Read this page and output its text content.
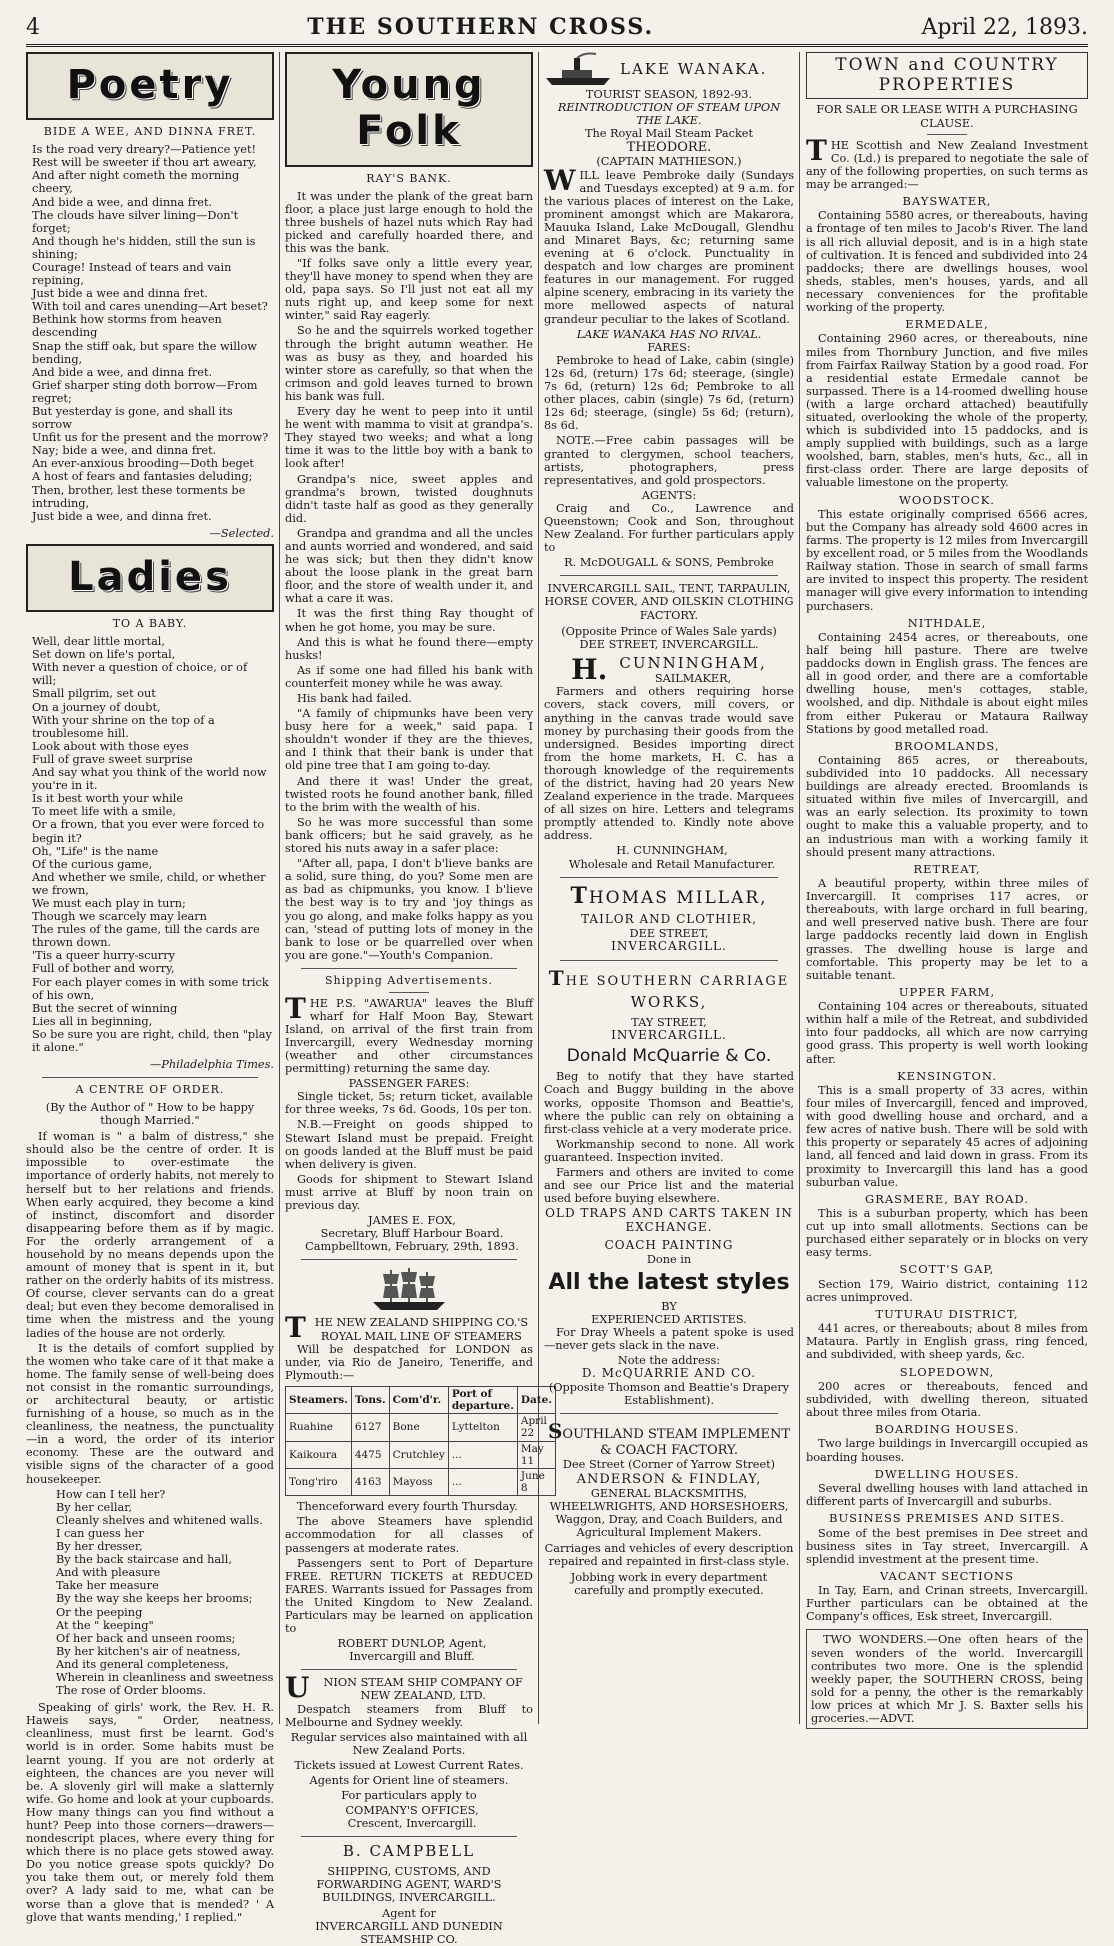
4	THE SOUTHERN CROSS.	April 22, 1893.
Poetry
BIDE A WEE, AND DINNA FRET.
Is the road very dreary?—Patience yet!
Rest will be sweeter if thou art aweary,
And after night cometh the morning cheery,
And bide a wee, and dinna fret.
The clouds have silver lining—Don't forget;
And though he's hidden, still the sun is shining;
Courage! Instead of tears and vain repining,
Just bide a wee and dinna fret.
With toil and cares unending—Art beset?
Bethink how storms from heaven descending
Snap the stiff oak, but spare the willow bending,
And bide a wee, and dinna fret.
Grief sharper sting doth borrow—From regret;
But yesterday is gone, and shall its sorrow
Unfit us for the present and the morrow?
Nay; bide a wee, and dinna fret.
An ever-anxious brooding—Doth beget
A host of fears and fantasies deluding;
Then, brother, lest these torments be intruding,
Just bide a wee, and dinna fret.
—Selected.
Ladies
TO A BABY.
Well, dear little mortal,
Set down on life's portal,
With never a question of choice, or of will;
Small pilgrim, set out
On a journey of doubt,
With your shrine on the top of a troublesome hill.
Look about with those eyes
Full of grave sweet surprise
And say what you think of the world now you're in it.
Is it best worth your while
To meet life with a smile,
Or a frown, that you ever were forced to begin it?
Oh, "Life" is the name
Of the curious game,
And whether we smile, child, or whether we frown,
We must each play in turn;
Though we scarcely may learn
The rules of the game, till the cards are thrown down.
'Tis a queer hurry-scurry
Full of bother and worry,
For each player comes in with some trick of his own,
But the secret of winning
Lies all in beginning,
So be sure you are right, child, then "play it alone."
—Philadelphia Times.
A CENTRE OF ORDER.

(By the Author of " How to be happy though Married."

If woman is " a balm of distress," she should also be the centre of order. It is impossible to over-estimate the importance of orderly habits, not merely to herself but to her relations and friends. When early acquired, they become a kind of instinct, discomfort and disorder disappearing before them as if by magic. For the orderly arrangement of a household by no means depends upon the amount of money that is spent in it, but rather on the orderly habits of its mistress. Of course, clever servants can do a great deal; but even they become demoralised in time when the mistress and the young ladies of the house are not orderly.

It is the details of comfort supplied by the women who take care of it that make a home. The family sense of well-being does not consist in the romantic surroundings, or architectural beauty, or artistic furnishing of a house, so much as in the cleanliness, the neatness, the punctuality—in a word, the order of its interior economy. These are the outward and visible signs of the character of a good housekeeper.

How can I tell her?
By her cellar,
Cleanly shelves and whitened walls.
I can guess her
By her dresser,
By the back staircase and hall,
And with pleasure
Take her measure
By the way she keeps her brooms;
Or the peeping
At the " keeping"
Of her back and unseen rooms;
By her kitchen's air of neatness,
And its general completeness,
Wherein in cleanliness and sweetness
The rose of Order blooms.

Speaking of girls' work, the Rev. H. R. Haweis says, " Order, neatness, cleanliness, must first be learnt. God's world is in order. Some habits must be learnt young. If you are not orderly at eighteen, the chances are you never will be. A slovenly girl will make a slatternly wife. Go home and look at your cupboards. How many things can you find without a hunt? Peep into those corners—drawers—nondescript places, where every thing for which there is no place gets stowed away. Do you notice grease spots quickly? Do you take them out, or merely fold them over? A lady said to me, what can be worse than a glove that is mended? ' A glove that wants mending,' I replied."

Young Folk
RAY'S BANK.

It was under the plank of the great barn floor, a place just large enough to hold the three bushels of hazel nuts which Ray had picked and carefully hoarded there, and this was the bank.

"If folks save only a little every year, they'll have money to spend when they are old, papa says. So I'll just not eat all my nuts right up, and keep some for next winter," said Ray eagerly.

So he and the squirrels worked together through the bright autumn weather. He was as busy as they, and hoarded his winter store as carefully, so that when the crimson and gold leaves turned to brown his bank was full.

Every day he went to peep into it until he went with mamma to visit at grandpa's. They stayed two weeks; and what a long time it was to the little boy with a bank to look after!

Grandpa's nice, sweet apples and grandma's brown, twisted doughnuts didn't taste half as good as they generally did.

Grandpa and grandma and all the uncles and aunts worried and wondered, and said he was sick; but then they didn't know about the loose plank in the great barn floor, and the store of wealth under it, and what a care it was.

It was the first thing Ray thought of when he got home, you may be sure.

And this is what he found there—empty husks!

As if some one had filled his bank with counterfeit money while he was away.

His bank had failed.

"A family of chipmunks have been very busy here for a week," said papa. I shouldn't wonder if they are the thieves, and I think that their bank is under that old pine tree that I am going to-day.

And there it was! Under the great, twisted roots he found another bank, filled to the brim with the wealth of his.

So he was more successful than some bank officers; but he said gravely, as he stored his nuts away in a safer place:

"After all, papa, I don't b'lieve banks are a solid, sure thing, do you? Some men are as bad as chipmunks, you know. I b'lieve the best way is to try and 'joy things as you go along, and make folks happy as you can, 'stead of putting lots of money in the bank to lose or be quarrelled over when you are gone."—Youth's Companion.

Shipping Advertisements.

THE P.S. "AWARUA" leaves the Bluff wharf for Half Moon Bay, Stewart Island, on arrival of the first train from Invercargill, every Wednesday morning (weather and other circumstances permitting) returning the same day.

PASSENGER FARES:

Single ticket, 5s; return ticket, available for three weeks, 7s 6d. Goods, 10s per ton.

N.B.—Freight on goods shipped to Stewart Island must be prepaid. Freight on goods landed at the Bluff must be paid when delivery is given.

Goods for shipment to Stewart Island must arrive at Bluff by noon train on previous day.

JAMES E. FOX,
Secretary, Bluff Harbour Board.
Campbelltown, February, 29th, 1893.

THE NEW ZEALAND SHIPPING CO.'S ROYAL MAIL LINE OF STEAMERS

Will be despatched for LONDON as under, via Rio de Janeiro, Teneriffe, and Plymouth:—

Steamers.	Tons.	Com'd'r.	Port of departure.	Date.
Ruahine	6127	Bone	Lyttelton	April 22
Kaikoura	4475	Crutchley	...	May 11
Tong'riro	4163	Mayoss	...	June 8

Thenceforward every fourth Thursday.

The above Steamers have splendid accommodation for all classes of passengers at moderate rates.

Passengers sent to Port of Departure FREE. RETURN TICKETS at REDUCED FARES. Warrants issued for Passages from the United Kingdom to New Zealand. Particulars may be learned on application to

ROBERT DUNLOP, Agent,
Invercargill and Bluff.

U NION STEAM SHIP COMPANY OF NEW ZEALAND, LTD.

Despatch steamers from Bluff to Melbourne and Sydney weekly.

Regular services also maintained with all New Zealand Ports.

Tickets issued at Lowest Current Rates.

Agents for Orient line of steamers.

For particulars apply to

COMPANY'S OFFICES,
Crescent, Invercargill.
B. CAMPBELL

SHIPPING, CUSTOMS, AND FORWARDING AGENT, WARD'S BUILDINGS, INVERCARGILL.

Agent for

INVERCARGILL AND DUNEDIN STEAMSHIP CO.

LAKE WANAKA.
TOURIST SEASON, 1892-93.
REINTRODUCTION OF STEAM UPON THE LAKE.
The Royal Mail Steam Packet
THEODORE.
(CAPTAIN MATHIESON.)

WILL leave Pembroke daily (Sundays and Tuesdays excepted) at 9 a.m. for the various places of interest on the Lake, prominent amongst which are Makarora, Mauuka Island, Lake McDougall, Glendhu and Minaret Bays, &c; returning same evening at 6 o'clock. Punctuality in despatch and low charges are prominent features in our management. For rugged alpine scenery, embracing in its variety the more mellowed aspects of natural grandeur peculiar to the lakes of Scotland.

LAKE WANAKA HAS NO RIVAL.
FARES:

Pembroke to head of Lake, cabin (single) 12s 6d, (return) 17s 6d; steerage, (single) 7s 6d, (return) 12s 6d; Pembroke to all other places, cabin (single) 7s 6d, (return) 12s 6d; steerage, (single) 5s 6d; (return), 8s 6d.

NOTE.—Free cabin passages will be granted to clergymen, school teachers, artists, photographers, press representatives, and gold prospectors.

AGENTS:

Craig and Co., Lawrence and Queenstown; Cook and Son, throughout New Zealand. For further particulars apply to

R. McDOUGALL & SONS, Pembroke

INVERCARGILL SAIL, TENT, TARPAULIN, HORSE COVER, AND OILSKIN CLOTHING FACTORY.

(Opposite Prince of Wales Sale yards)
DEE STREET, INVERCARGILL.
H. CUNNINGHAM,
SAILMAKER,

Farmers and others requiring horse covers, stack covers, mill covers, or anything in the canvas trade would save money by purchasing their goods from the undersigned. Besides importing direct from the home markets, H. C. has a thorough knowledge of the requirements of the district, having had 20 years New Zealand experience in the trade. Marquees of all sizes on hire. Letters and telegrams promptly attended to. Kindly note above address.

H. CUNNINGHAM,
Wholesale and Retail Manufacturer.
THOMAS MILLAR,
TAILOR AND CLOTHIER,
DEE STREET,
INVERCARGILL.
THE SOUTHERN CARRIAGE
WORKS,
TAY STREET,
INVERCARGILL.
Donald McQuarrie & Co.

Beg to notify that they have started Coach and Buggy building in the above works, opposite Thomson and Beattie's, where the public can rely on obtaining a first-class vehicle at a very moderate price.

Workmanship second to none. All work guaranteed. Inspection invited.

Farmers and others are invited to come and see our Price list and the material used before buying elsewhere.

OLD TRAPS AND CARTS TAKEN IN EXCHANGE.
COACH PAINTING
Done in
All the latest styles
BY
EXPERIENCED ARTISTES.

For Dray Wheels a patent spoke is used—never gets slack in the nave.

Note the address:
D. McQUARRIE AND CO.
(Opposite Thomson and Beattie's Drapery Establishment).
SOUTHLAND STEAM IMPLEMENT & COACH FACTORY.
Dee Street (Corner of Yarrow Street)
ANDERSON & FINDLAY,
GENERAL BLACKSMITHS, WHEELWRIGHTS, AND HORSESHOERS,
Waggon, Dray, and Coach Builders, and Agricultural Implement Makers.
Carriages and vehicles of every description repaired and repainted in first-class style.
Jobbing work in every department carefully and promptly executed.
TOWN and COUNTRY PROPERTIES
FOR SALE OR LEASE WITH A PURCHASING CLAUSE.

THE Scottish and New Zealand Investment Co. (Ld.) is prepared to negotiate the sale of any of the following properties, on such terms as may be arranged:—

BAYSWATER,

Containing 5580 acres, or thereabouts, having a frontage of ten miles to Jacob's River. The land is all rich alluvial deposit, and is in a high state of cultivation. It is fenced and subdivided into 24 paddocks; there are dwellings houses, wool sheds, stables, men's houses, yards, and all necessary conveniences for the profitable working of the property.

ERMEDALE,

Containing 2960 acres, or thereabouts, nine miles from Thornbury Junction, and five miles from Fairfax Railway Station by a good road. For a residential estate Ermedale cannot be surpassed. There is a 14-roomed dwelling house (with a large orchard attached) beautifully situated, overlooking the whole of the property, which is subdivided into 15 paddocks, and is amply supplied with buildings, such as a large woolshed, barn, stables, men's huts, &c., all in first-class order. There are large deposits of valuable limestone on the property.

WOODSTOCK.

This estate originally comprised 6566 acres, but the Company has already sold 4600 acres in farms. The property is 12 miles from Invercargill by excellent road, or 5 miles from the Woodlands Railway station. Those in search of small farms are invited to inspect this property. The resident manager will give every information to intending purchasers.

NITHDALE,

Containing 2454 acres, or thereabouts, one half being hill pasture. There are twelve paddocks down in English grass. The fences are all in good order, and there are a comfortable dwelling house, men's cottages, stable, woolshed, and dip. Nithdale is about eight miles from either Pukerau or Mataura Railway Stations by good metalled road.

BROOMLANDS,

Containing 865 acres, or thereabouts, subdivided into 10 paddocks. All necessary buildings are already erected. Broomlands is situated within five miles of Invercargill, and was an early selection. Its proximity to town ought to make this a valuable property, and to an industrious man with a working family it should present many attractions.

RETREAT,

A beautiful property, within three miles of Invercargill. It comprises 117 acres, or thereabouts, with large orchard in full bearing, and well preserved native bush. There are four large paddocks recently laid down in English grasses. The dwelling house is large and comfortable. This property may be let to a suitable tenant.

UPPER FARM,

Containing 104 acres or thereabouts, situated within half a mile of the Retreat, and subdivided into four paddocks, all which are now carrying good grass. This property is well worth looking after.

KENSINGTON.

This is a small property of 33 acres, within four miles of Invercargill, fenced and improved, with good dwelling house and orchard, and a few acres of native bush. There will be sold with this property or separately 45 acres of adjoining land, all fenced and laid down in grass. From its proximity to Invercargill this land has a good suburban value.

GRASMERE, BAY ROAD.

This is a suburban property, which has been cut up into small allotments. Sections can be purchased either separately or in blocks on very easy terms.

SCOTT'S GAP,

Section 179, Wairio district, containing 112 acres unimproved.

TUTURAU DISTRICT,

441 acres, or thereabouts; about 8 miles from Mataura. Partly in English grass, ring fenced, and subdivided, with sheep yards, &c.

SLOPEDOWN,

200 acres or thereabouts, fenced and subdivided, with dwelling thereon, situated about three miles from Otaria.

BOARDING HOUSES.

Two large buildings in Invercargill occupied as boarding houses.

DWELLING HOUSES.

Several dwelling houses with land attached in different parts of Invercargill and suburbs.

BUSINESS PREMISES AND SITES.

Some of the best premises in Dee street and business sites in Tay street, Invercargill. A splendid investment at the present time.

VACANT SECTIONS

In Tay, Earn, and Crinan streets, Invercargill. Further particulars can be obtained at the Company's offices, Esk street, Invercargill.

TWO WONDERS.—One often hears of the seven wonders of the world. Invercargill contributes two more. One is the splendid weekly paper, the SOUTHERN CROSS, being sold for a penny, the other is the remarkably low prices at which Mr J. S. Baxter sells his groceries.—ADVT.
